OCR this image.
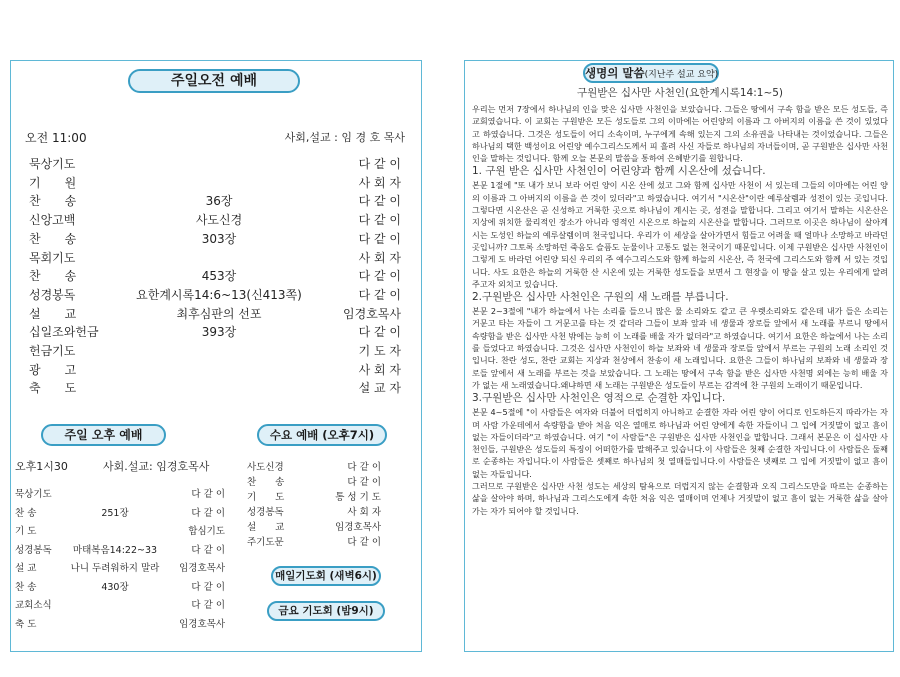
주일오전 예배
오전 11:00	사회,설교 : 임 경 호 목사
묵상기도	다 같 이
기　　원	사 회 자
찬　　송	36장	다 같 이
신앙고백	사도신경	다 같 이
찬　　송	303장	다 같 이
목회기도	사 회 자
찬　　송	453장	다 같 이
성경봉독	요한계시록14:6~13(신413쪽)	다 같 이
설　　교	최후심판의 선포	임경호목사
십일조와헌금	393장	다 같 이
헌금기도	기 도 자
광　　고	사 회 자
축　　도	설 교 자
주일 오후 예배
오후1시30	사회.설교: 임경호목사
묵상기도	다 같 이
찬 송	251장	다 같 이
기 도	합심기도
성경봉독	마태복음14:22~33	다 같 이
설 교	나니 두려워하지 말라	임경호목사
찬 송	430장	다 같 이
교회소식	다 같 이
축 도	임경호목사
수요 예배 (오후7시)
사도신경	다 같 이
찬　　송	다 같 이
기　　도	통 성 기 도
성경봉독	사 회 자
설　　교	임경호목사
주기도문	다 같 이
매일기도회 (새벽6시)
금요 기도회 (밤9시)
생명의 말씀(지난주 설교 요약)
구원받은 십사만 사천인(요한계시록14:1~5)

우리는 먼저 7장에서 하나님의 인을 맞은 십사만 사천인을 보았습니다. 그들은 땅에서 구속 함을 받은 모든 성도들, 즉 교회였습니다. 이 교회는 구원받은 모든 성도들로 그의 이마에는 어린양의 이름과 그 아버지의 이름을 쓴 것이 있었다고 하였습니다. 그것은 성도들이 어디 소속이며, 누구에게 속해 있는지 그의 소유권을 나타내는 것이었습니다. 그들은 하나님의 택한 백성이요 어린양 예수그리스도께서 피 흘려 사신 자들로 하나님의 자녀들이며, 곧 구원받은 십사만 사천인을 말하는 것입니다. 함께 오늘 본문의 말씀을 통하여 은혜받기를 원합니다.

1. 구원 받은 십사만 사천인이 어린양과 함께 시온산에 섰습니다.

본문 1절에 "또 내가 보니 보라 어린 양이 시온 산에 섰고 그와 함께 십사만 사천이 서 있는데 그들의 이마에는 어린 양의 이름과 그 아버지의 이름을 쓴 것이 있더라"고 하였습니다. 여기서 "시온산"이란 예루살렘과 성전이 있는 곳입니다. 그렇다면 시온산은 곧 신성하고 거룩한 곳으로 하나님이 계시는 곳, 성전을 말합니다. 그리고 여기서 말하는 시온산은 지상에 위치한 물리적인 장소가 아니라 영적인 시온으로 하늘의 시온산을 말합니다. 그러므로 이곳은 하나님이 살아계시는 도성인 하늘의 예루살렘이며 천국입니다. 우리가 이 세상을 살아가면서 힘들고 어려울 때 얼마나 소망하고 바라던 곳입니까? 그토록 소망하던 죽음도 슬픔도 눈물이나 고통도 없는 천국이기 때문입니다. 이제 구원받은 십사만 사천인이 그렇게 도 바라던 어린양 되신 우리의 주 예수그리스도와 함께 하늘의 시온산, 즉 천국에 그리스도와 함께 서 있는 것입니다. 사도 요한은 하늘의 거룩한 산 시온에 있는 거룩한 성도들을 보면서 그 현장을 이 땅을 살고 있는 우리에게 알려주고자 외치고 있습니다.

2.구원받은 십사만 사천인은 구원의 새 노래를 부릅니다.

본문 2~3절에 "내가 하늘에서 나는 소리를 들으니 많은 물 소리와도 같고 큰 우렛소리와도 같은데 내가 들은 소리는 거문고 타는 자들이 그 거문고를 타는 것 같더라 그들이 보좌 앞과 네 생물과 장로들 앞에서 새 노래를 부르니 땅에서 속량함을 받은 십사만 사천 밖에는 능히 이 노래를 배울 자가 없더라"고 하였습니다. 여기서 요한은 하늘에서 나는 소리를 들었다고 하였습니다. 그것은 십사만 사천인이 하늘 보좌와 네 생물과 장로들 앞에서 부르는 구원의 노래 소리인 것입니다. 찬란 성도, 찬란 교회는 지상과 천상에서 찬송이 새 노래입니다. 요한은 그들이 하나님의 보좌와 네 생물과 장로들 앞에서 새 노래를 부르는 것을 보았습니다. 그 노래는 땅에서 구속 함을 받은 십사만 사천명 외에는 능히 배울 자가 없는 새 노래였습니다.왜냐하면 새 노래는 구원받은 성도들이 부르는 감격에 찬 구원의 노래이기 때문입니다.

3.구원받은 십사만 사천인은 영적으로 순결한 자입니다.

본문 4~5절에 "이 사람들은 여자와 더불어 더럽히지 아니하고 순결한 자라 어린 양이 어디로 인도하든지 따라가는 자며 사람 가운데에서 속량함을 받아 처음 익은 열매로 하나님과 어린 양에게 속한 자들이니 그 입에 거짓말이 없고 흠이 없는 자들이더라"고 하였습니다. 여기 "이 사람들"은 구원받은 십사만 사천인을 말합니다. 그래서 본문은 이 십사만 사천인들, 구원받은 성도들의 특징이 어떠한가를 말해주고 있습니다.이 사람들은 첫째 순결한 자입니다.이 사람들은 둘째로 순종하는 자입니다.이 사람들은 셋째로 하나님의 첫 열매들입니다.이 사람들은 넷째로 그 입에 거짓말이 없고 흠이 없는 자들입니다.
그러므로 구원받은 십사만 사천 성도는 세상의 탐욕으로 더럽지지 않는 순결함과 오직 그리스도만을 따르는 순종하는 삶을 살아야 하며, 하나님과 그리스도에게 속한 처음 익은 열매이며 언제나 거짓말이 없고 흠이 없는 거룩한 삶을 살아가는 자가 되어야 할 것입니다.
